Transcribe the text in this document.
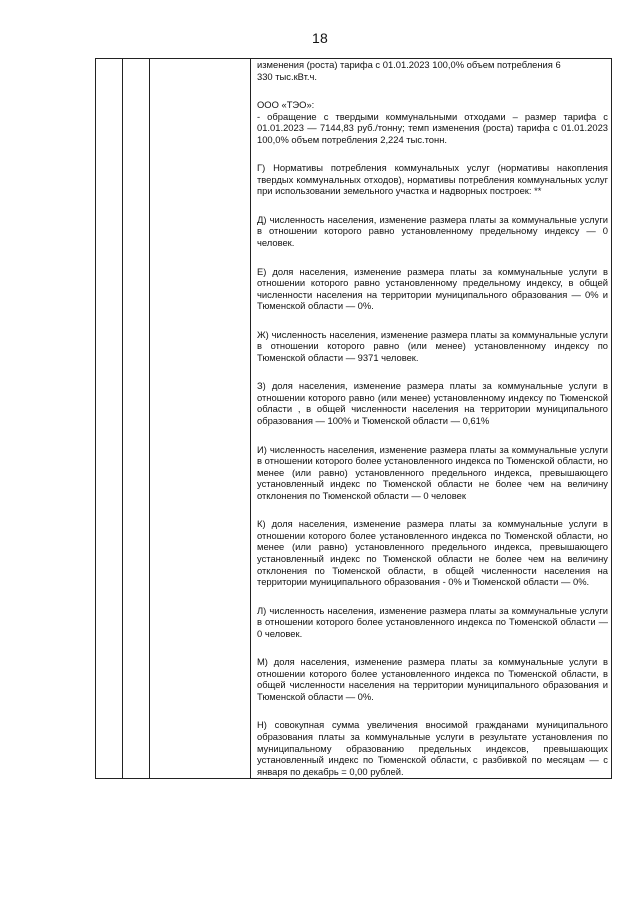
18

изменения (роста) тарифа с 01.01.2023 100,0% объем потребления 6
330 тыс.кВт.ч.

ООО «ТЭО»:
- обращение с твердыми коммунальными отходами – размер тарифа с 01.01.2023 — 7144,83 руб./тонну; темп изменения (роста) тарифа с 01.01.2023 100,0% объем потребления 2,224 тыс.тонн.

Г) Нормативы потребления коммунальных услуг (нормативы накопления твердых коммунальных отходов), нормативы потребления коммунальных услуг при использовании земельного участка и надворных построек: **

Д) численность населения, изменение размера платы за коммунальные услуги в отношении которого равно установленному предельному индексу — 0 человек.

Е) доля населения, изменение размера платы за коммунальные услуги в отношении которого равно установленному предельному индексу, в общей численности населения на территории муниципального образования — 0% и Тюменской области — 0%.

Ж) численность населения, изменение размера платы за коммунальные услуги в отношении которого равно (или менее) установленному индексу по Тюменской области — 9371 человек.

З) доля населения, изменение размера платы за коммунальные услуги в отношении которого равно (или менее) установленному индексу по Тюменской области , в общей численности населения на территории муниципального образования — 100% и Тюменской области — 0,61%

И) численность населения, изменение размера платы за коммунальные услуги в отношении которого более установленного индекса по Тюменской области, но менее (или равно) установленного предельного индекса, превышающего установленный индекс по Тюменской области не более чем на величину отклонения по Тюменской области — 0 человек

К) доля населения, изменение размера платы за коммунальные услуги в отношении которого более установленного индекса по Тюменской области, но менее (или равно) установленного предельного индекса, превышающего установленный индекс по Тюменской области не более чем на величину отклонения по Тюменской области, в общей численности населения на территории муниципального образования - 0% и Тюменской области — 0%.

Л) численность населения, изменение размера платы за коммунальные услуги в отношении которого более установленного индекса по Тюменской области — 0 человек.

М) доля населения, изменение размера платы за коммунальные услуги в отношении которого более установленного индекса по Тюменской области, в общей численности населения на территории муниципального образования и Тюменской области — 0%.

Н) совокупная сумма увеличения вносимой гражданами муниципального образования платы за коммунальные услуги в результате установления по муниципальному образованию предельных индексов, превышающих установленный индекс по Тюменской области, с разбивкой по месяцам — с января по декабрь = 0,00 рублей.
